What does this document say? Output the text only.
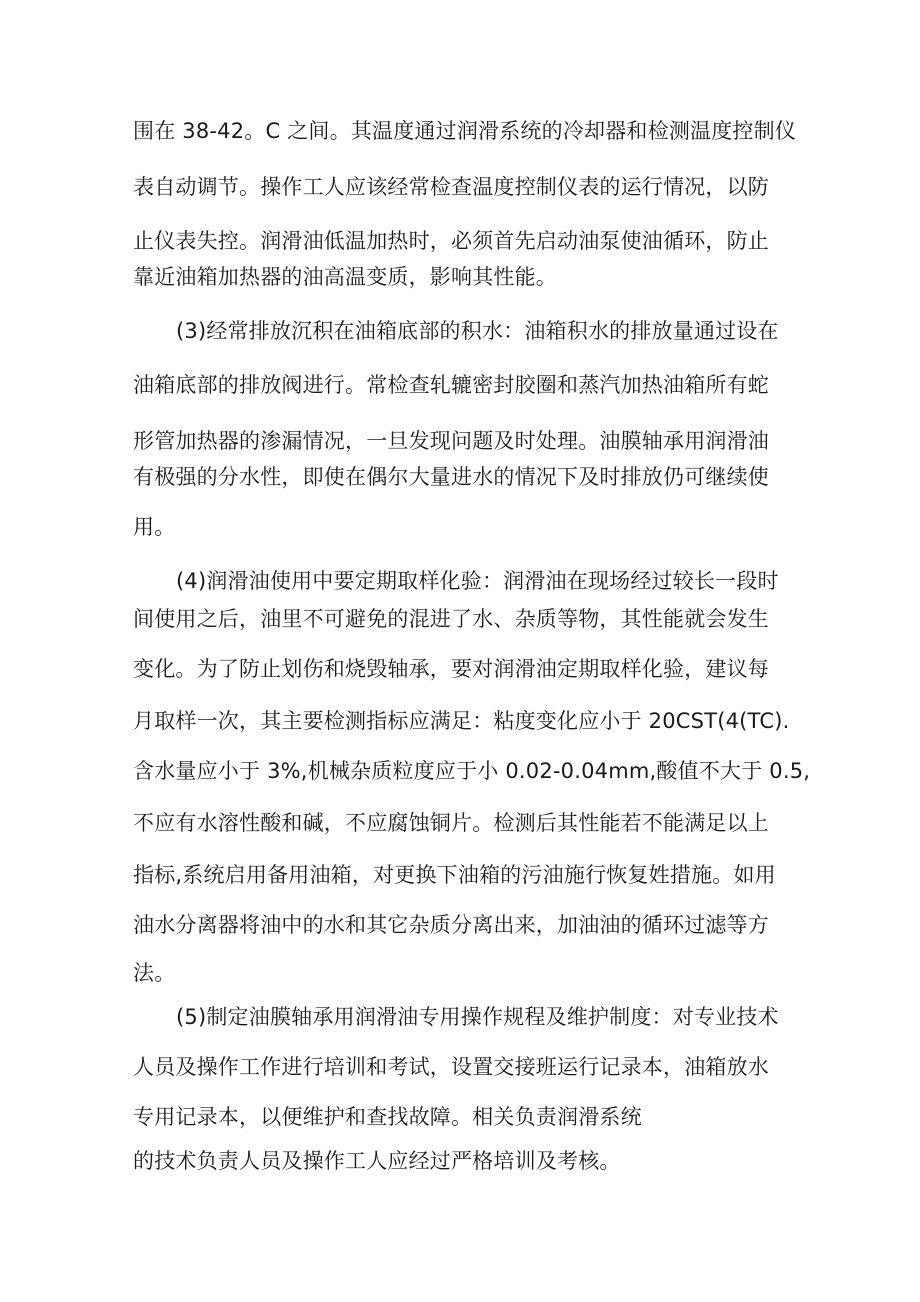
围在 38-42。C 之间。其温度通过润滑系统的冷却器和检测温度控制仪
表自动调节。操作工人应该经常检查温度控制仪表的运行情况，以防
止仪表失控。润滑油低温加热时，必须首先启动油泵使油循环，防止
靠近油箱加热器的油高温变质，影响其性能。
(3)经常排放沉积在油箱底部的积水：油箱积水的排放量通过设在
油箱底部的排放阀进行。常检查轧辘密封胶圈和蒸汽加热油箱所有蛇
形管加热器的渗漏情况，一旦发现问题及时处理。油膜轴承用润滑油
有极强的分水性，即使在偶尔大量进水的情况下及时排放仍可继续使
用。
(4)润滑油使用中要定期取样化验：润滑油在现场经过较长一段时
间使用之后，油里不可避免的混进了水、杂质等物，其性能就会发生
变化。为了防止划伤和烧毁轴承，要对润滑油定期取样化验，建议每
月取样一次，其主要检测指标应满足：粘度变化应小于 20CST(4(TC).
含水量应小于 3%,机械杂质粒度应于小 0.02-0.04mm,酸值不大于 0.5,
不应有水溶性酸和碱，不应腐蚀铜片。检测后其性能若不能满足以上
指标,系统启用备用油箱，对更换下油箱的污油施行恢复姓措施。如用
油水分离器将油中的水和其它杂质分离出来，加油油的循环过滤等方
法。
(5)制定油膜轴承用润滑油专用操作规程及维护制度：对专业技术
人员及操作工作进行培训和考试，设置交接班运行记录本，油箱放水
专用记录本，以便维护和查找故障。相关负责润滑系统
的技术负责人员及操作工人应经过严格培训及考核。
